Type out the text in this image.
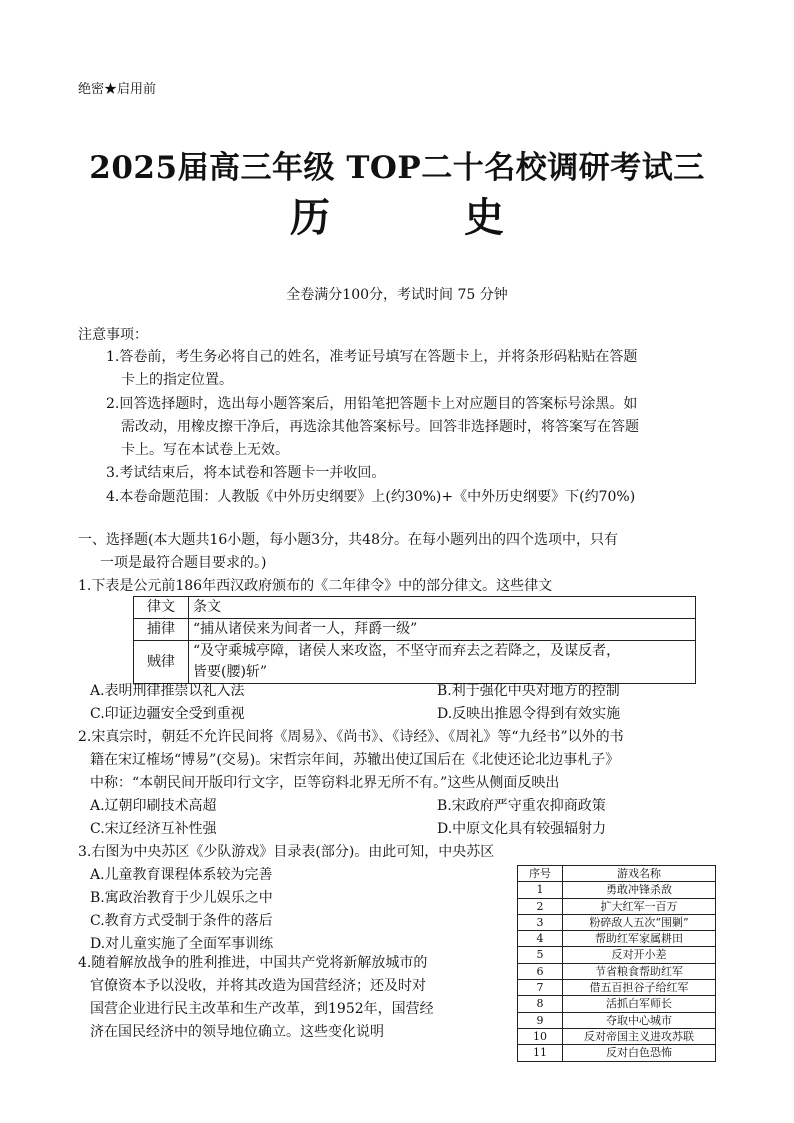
绝密★启用前
2025届高三年级 TOP二十名校调研考试三
历 史
全卷满分100分，考试时间 75 分钟
注意事项：
1.答卷前，考生务必将自己的姓名，准考证号填写在答题卡上，并将条形码粘贴在答题
卡上的指定位置。
2.回答选择题时，选出每小题答案后，用铅笔把答题卡上对应题目的答案标号涂黑。如
需改动，用橡皮擦干净后，再选涂其他答案标号。回答非选择题时，将答案写在答题
卡上。写在本试卷上无效。
3.考试结束后，将本试卷和答题卡一并收回。
4.本卷命题范围：人教版《中外历史纲要》上(约30%)+《中外历史纲要》下(约70%)
一、选择题(本大题共16小题，每小题3分，共48分。在每小题列出的四个选项中，只有
一项是最符合题目要求的。)
1.下表是公元前186年西汉政府颁布的《二年律令》中的部分律文。这些律文
律文	条文
捕律	“捕从诸侯来为间者一人，拜爵一级”
贼律	“及守乘城亭障，诸侯人来攻盗，不坚守而弃去之若降之，及谋反者，
皆要(腰)斩”
A.表明刑律推崇以礼入法	B.利于强化中央对地方的控制
C.印证边疆安全受到重视	D.反映出推恩令得到有效实施
2.宋真宗时，朝廷不允许民间将《周易》、《尚书》、《诗经》、《周礼》等“九经书”以外的书
籍在宋辽榷场“博易”(交易)。宋哲宗年间，苏辙出使辽国后在《北使还论北边事札子》
中称：“本朝民间开版印行文字，臣等窃料北界无所不有。”这些从侧面反映出
A.辽朝印刷技术高超	B.宋政府严守重农抑商政策
C.宋辽经济互补性强	D.中原文化具有较强辐射力
3.右图为中央苏区《少队游戏》目录表(部分)。由此可知，中央苏区
A.儿童教育课程体系较为完善
B.寓政治教育于少儿娱乐之中
C.教育方式受制于条件的落后
D.对儿童实施了全面军事训练
序号	游戏名称
1	勇敢冲锋杀敌
2	扩大红军一百万
3	粉碎敌人五次“围剿”
4	帮助红军家属耕田
5	反对开小差
6	节省粮食帮助红军
7	借五百担谷子给红军
8	活抓白军师长
9	夺取中心城市
10	反对帝国主义进攻苏联
11	反对白色恐怖
4.随着解放战争的胜利推进，中国共产党将新解放城市的
官僚资本予以没收，并将其改造为国营经济；还及时对
国营企业进行民主改革和生产改革，到1952年，国营经
济在国民经济中的领导地位确立。这些变化说明
